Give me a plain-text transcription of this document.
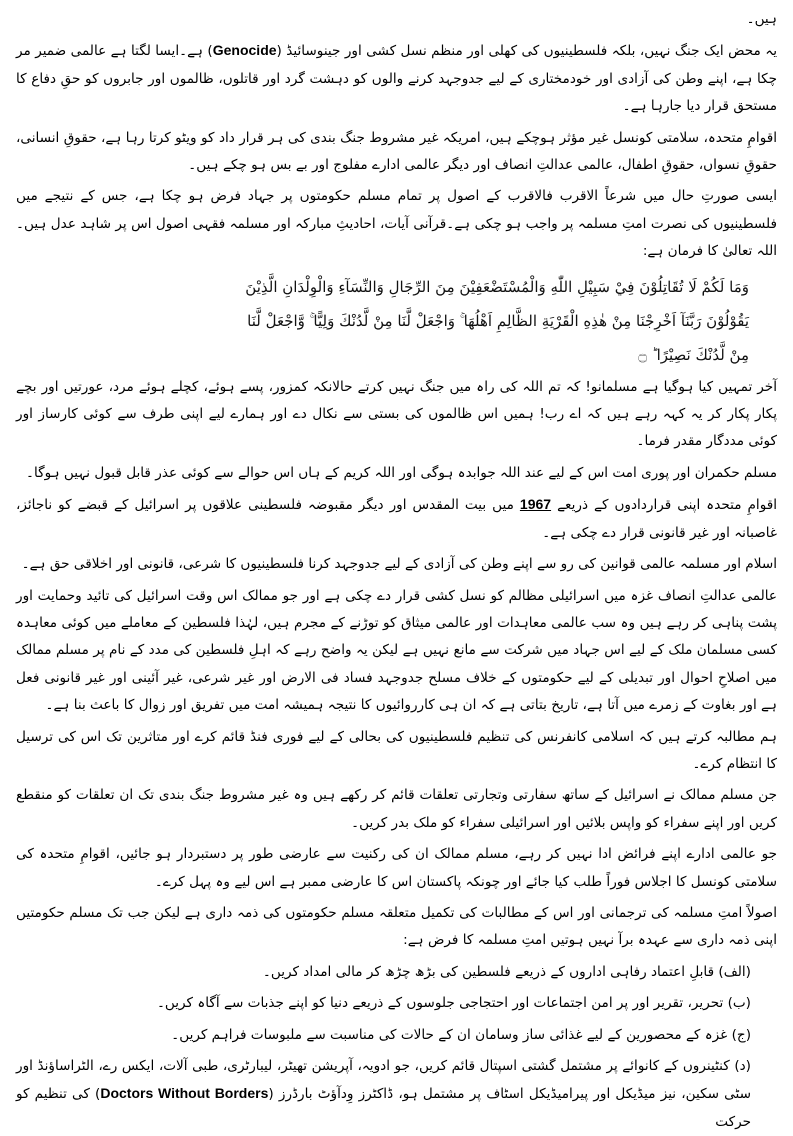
ہیں۔

یہ محض ایک جنگ نہیں، بلکہ فلسطینیوں کی کھلی اور منظم نسل کشی اور جینوسائیڈ (Genocide) ہے۔ایسا لگتا ہے عالمی ضمیر مر چکا ہے، اپنے وطن کی آزادی اور خودمختاری کے لیے جدوجہد کرنے والوں کو دہشت گرد اور قاتلوں، ظالموں اور جابروں کو حقِ دفاع کا مستحق قرار دیا جارہا ہے۔

اقوامِ متحدہ، سلامتی کونسل غیر مؤثر ہوچکے ہیں، امریکہ غیر مشروط جنگ بندی کی ہر قرار داد کو ویٹو کرتا رہا ہے، حقوقِ انسانی، حقوقِ نسواں، حقوقِ اطفال، عالمی عدالتِ انصاف اور دیگر عالمی ادارے مفلوج اور بے بس ہو چکے ہیں۔

ایسی صورتِ حال میں شرعاً الاقرب فالاقرب کے اصول پر تمام مسلم حکومتوں پر جہاد فرض ہو چکا ہے، جس کے نتیجے میں فلسطینیوں کی نصرت امتِ مسلمہ پر واجب ہو چکی ہے۔قرآنی آیات، احادیثِ مبارکہ اور مسلمہ فقہی اصول اس پر شاہد عدل ہیں۔اللہ تعالیٰ کا فرمان ہے:

وَمَا لَكُمْ لَا تُقَاتِلُوْنَ فِيْ سَبِيْلِ اللّٰهِ وَالْمُسْتَضْعَفِيْنَ مِنَ الرِّجَالِ وَالنِّسَآءِ وَالْوِلْدَانِ الَّذِيْنَ
يَقُوْلُوْنَ رَبَّنَآ اَخْرِجْنَا مِنْ هٰذِهِ الْقَرْيَةِ الظَّالِمِ اَهْلُهَا ۚ وَاجْعَلْ لَّنَا مِنْ لَّدُنْكَ وَلِيًّا ۚ وَّاجْعَلْ لَّنَا
مِنْ لَّدُنْكَ نَصِيْرًا ؕ ۝

آخر تمہیں کیا ہوگیا ہے مسلمانو! کہ تم اللہ کی راہ میں جنگ نہیں کرتے حالانکہ کمزور، پسے ہوئے، کچلے ہوئے مرد، عورتیں اور بچے پکار پکار کر یہ کہہ رہے ہیں کہ اے رب! ہمیں اس ظالموں کی بستی سے نکال دے اور ہمارے لیے اپنی طرف سے کوئی کارساز اور کوئی مددگار مقدر فرما۔

مسلم حکمران اور پوری امت اس کے لیے عند اللہ جوابدہ ہوگی اور اللہ کریم کے ہاں اس حوالے سے کوئی عذر قابل قبول نہیں ہوگا۔

اقوامِ متحدہ اپنی قراردادوں کے ذریعے 1967 میں بیت المقدس اور دیگر مقبوضہ فلسطینی علاقوں پر اسرائیل کے قبضے کو ناجائز، غاصبانہ اور غیر قانونی قرار دے چکی ہے۔

اسلام اور مسلمہ عالمی قوانین کی رو سے اپنے وطن کی آزادی کے لیے جدوجہد کرنا فلسطینیوں کا شرعی، قانونی اور اخلاقی حق ہے۔

عالمی عدالتِ انصاف غزہ میں اسرائیلی مظالم کو نسل کشی قرار دے چکی ہے اور جو ممالک اس وقت اسرائیل کی تائید وحمایت اور پشت پناہی کر رہے ہیں وہ سب عالمی معاہدات اور عالمی میثاق کو توڑنے کے مجرم ہیں، لہٰذا فلسطین کے معاملے میں کوئی معاہدہ کسی مسلمان ملک کے لیے اس جہاد میں شرکت سے مانع نہیں ہے لیکن یہ واضح رہے کہ اہلِ فلسطین کی مدد کے نام پر مسلم ممالک میں اصلاحِ احوال اور تبدیلی کے لیے حکومتوں کے خلاف مسلح جدوجہد فساد فی الارض اور غیر شرعی، غیر آئینی اور غیر قانونی فعل ہے اور بغاوت کے زمرے میں آتا ہے، تاریخ بتاتی ہے کہ ان ہی کارروائیوں کا نتیجہ ہمیشہ امت میں تفریق اور زوال کا باعث بنا ہے۔

ہم مطالبہ کرتے ہیں کہ اسلامی کانفرنس کی تنظیم فلسطینیوں کی بحالی کے لیے فوری فنڈ قائم کرے اور متاثرین تک اس کی ترسیل کا انتظام کرے۔

جن مسلم ممالک نے اسرائیل کے ساتھ سفارتی وتجارتی تعلقات قائم کر رکھے ہیں وہ غیر مشروط جنگ بندی تک ان تعلقات کو منقطع کریں اور اپنے سفراء کو واپس بلائیں اور اسرائیلی سفراء کو ملک بدر کریں۔

جو عالمی ادارے اپنے فرائض ادا نہیں کر رہے، مسلم ممالک ان کی رکنیت سے عارضی طور پر دستبردار ہو جائیں، اقوامِ متحدہ کی سلامتی کونسل کا اجلاس فوراً طلب کیا جائے اور چونکہ پاکستان اس کا عارضی ممبر ہے اس لیے وہ پہل کرے۔

اصولاً امتِ مسلمہ کی ترجمانی اور اس کے مطالبات کی تکمیل متعلقہ مسلم حکومتوں کی ذمہ داری ہے لیکن جب تک مسلم حکومتیں اپنی ذمہ داری سے عہدہ برآ نہیں ہوتیں امتِ مسلمہ کا فرض ہے:

(الف) قابلِ اعتماد رفاہی اداروں کے ذریعے فلسطین کی بڑھ چڑھ کر مالی امداد کریں۔

(ب) تحریر، تقریر اور پر امن اجتماعات اور احتجاجی جلوسوں کے ذریعے دنیا کو اپنے جذبات سے آگاہ کریں۔

(ج) غزہ کے محصورین کے لیے غذائی ساز وسامان ان کے حالات کی مناسبت سے ملبوسات فراہم کریں۔

(د) کنٹینروں کے کانوائے پر مشتمل گشتی اسپتال قائم کریں، جو ادویہ، آپریشن تھیٹر، لیبارٹری، طبی آلات، ایکس رے، الٹراساؤنڈ اور سٹی سکین، نیز میڈیکل اور پیرامیڈیکل اسٹاف پر مشتمل ہو، ڈاکٹرز وِدآؤٹ بارڈرز (Doctors Without Borders) کی تنظیم کو حرکت
